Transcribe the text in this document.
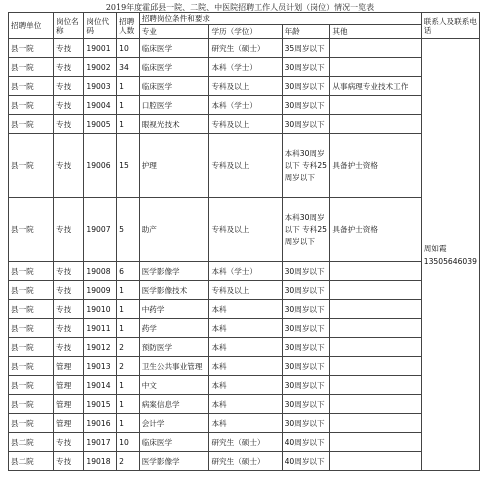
2019年度霍邱县一院、二院、中医院招聘工作人员计划（岗位）情况一览表
招聘单位	岗位名称	岗位代码	招聘人数	招聘岗位条件和要求				联系人及联系电话
				专业	学历（学位）	年龄	其他	
县一院	专技	19001	10	临床医学	研究生（硕士）	35周岁以下		周如霞
13505646039

县一院	专技	19002	34	临床医学	本科（学士）	30周岁以下		
县一院	专技	19003	1	临床医学	专科及以上	30周岁以下	从事病理专业技术工作	
县一院	专技	19004	1	口腔医学	本科（学士）	30周岁以下		
县一院	专技	19005	1	眼视光技术	专科及以上	30周岁以下		
县一院	专技	19006	15	护理	专科及以上	本科30周岁以下 专科25周岁以下	具备护士资格	
县一院	专技	19007	5	助产	专科及以上	本科30周岁以下 专科25周岁以下	具备护士资格	
县一院	专技	19008	6	医学影像学	本科（学士）	30周岁以下		
县一院	专技	19009	1	医学影像技术	专科及以上	30周岁以下		
县一院	专技	19010	1	中药学	本科	30周岁以下		
县一院	专技	19011	1	药学	本科	30周岁以下		
县一院	专技	19012	2	预防医学	本科	30周岁以下		
县一院	管理	19013	2	卫生公共事业管理	本科	30周岁以下		
县一院	管理	19014	1	中文	本科	30周岁以下		
县一院	管理	19015	1	病案信息学	本科	30周岁以下		
县一院	管理	19016	1	会计学	本科	30周岁以下		
县二院	专技	19017	10	临床医学	研究生（硕士）	40周岁以下		
县二院	专技	19018	2	医学影像学	研究生（硕士）	40周岁以下		
